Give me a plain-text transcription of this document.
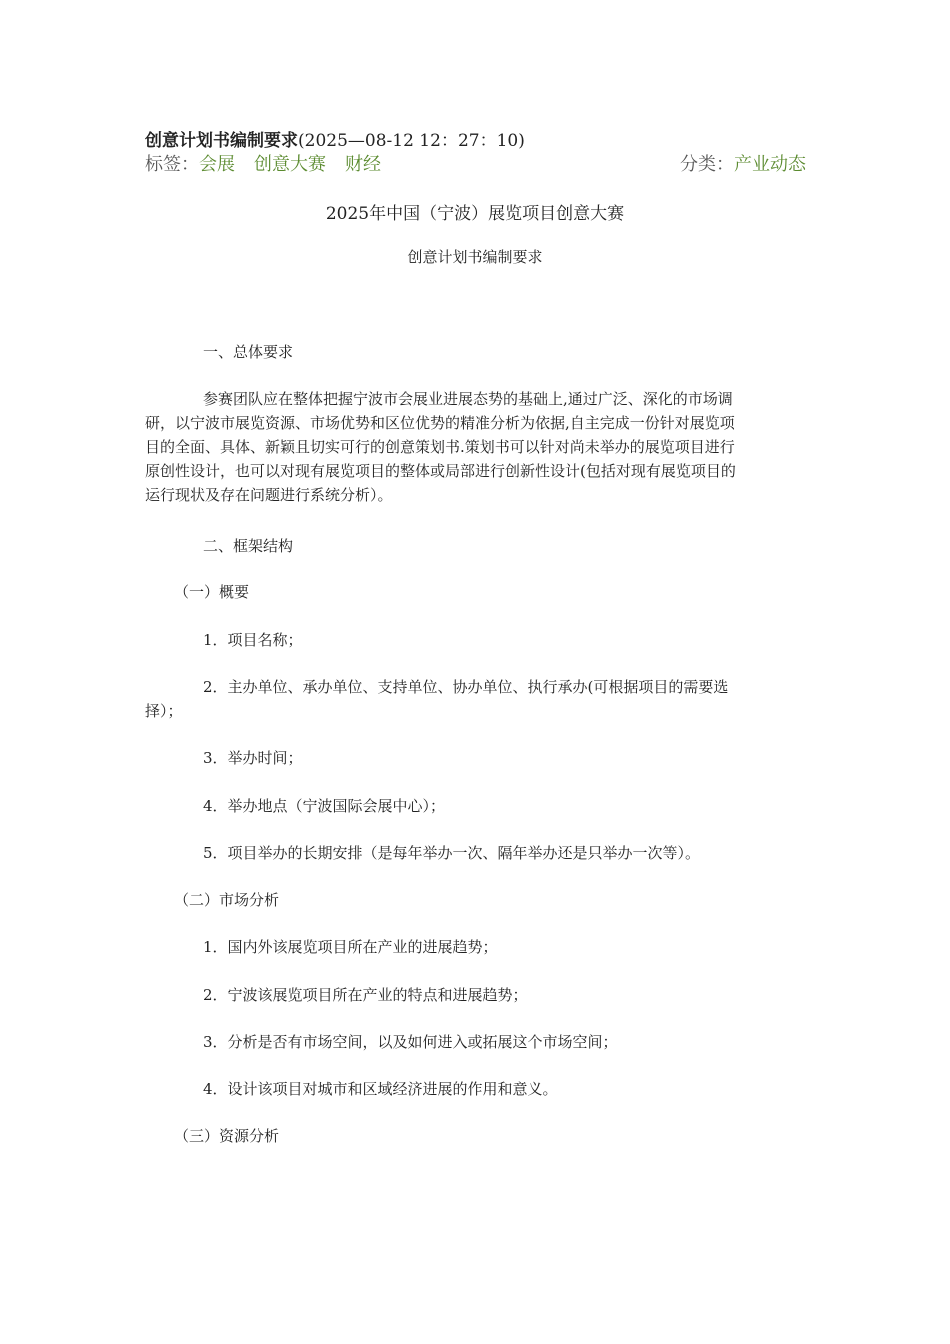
创意计划书编制要求(2025—08-12 12：27：10)
标签：会展 创意大赛 财经	分类：产业动态
2025年中国（宁波）展览项目创意大赛
创意计划书编制要求
一、总体要求
参赛团队应在整体把握宁波市会展业进展态势的基础上,通过广泛、深化的市场调
研，以宁波市展览资源、市场优势和区位优势的精准分析为依据,自主完成一份针对展览项
目的全面、具体、新颖且切实可行的创意策划书.策划书可以针对尚未举办的展览项目进行
原创性设计，也可以对现有展览项目的整体或局部进行创新性设计(包括对现有展览项目的
运行现状及存在问题进行系统分析）。
二、框架结构
（一）概要
1．项目名称；
2．主办单位、承办单位、支持单位、协办单位、执行承办(可根据项目的需要选
择）；
3．举办时间；
4．举办地点（宁波国际会展中心）；
5．项目举办的长期安排（是每年举办一次、隔年举办还是只举办一次等）。
（二）市场分析
1．国内外该展览项目所在产业的进展趋势；
2．宁波该展览项目所在产业的特点和进展趋势；
3．分析是否有市场空间，以及如何进入或拓展这个市场空间；
4．设计该项目对城市和区域经济进展的作用和意义。
（三）资源分析
